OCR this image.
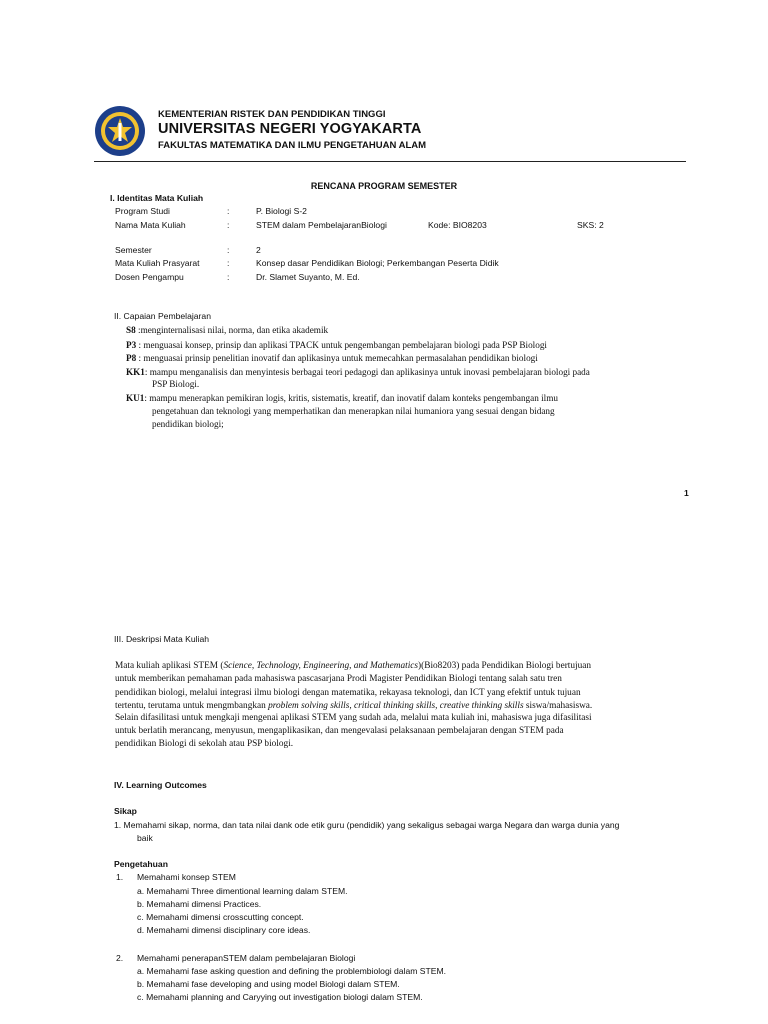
KEMENTERIAN RISTEK DAN PENDIDIKAN TINGGI
UNIVERSITAS NEGERI YOGYAKARTA
FAKULTAS MATEMATIKA DAN ILMU PENGETAHUAN ALAM
RENCANA PROGRAM SEMESTER
I. Identitas Mata Kuliah
Program Studi	:	P. Biologi S-2
Nama Mata Kuliah	:	STEM dalam PembelajaranBiologi	Kode: BIO8203	SKS: 2
Semester	:	2
Mata Kuliah Prasyarat	:	Konsep dasar Pendidikan Biologi; Perkembangan Peserta Didik
Dosen Pengampu	:	Dr. Slamet Suyanto, M. Ed.
II. Capaian Pembelajaran
S8 :menginternalisasi nilai, norma, dan etika akademik
P3 : menguasai konsep, prinsip dan aplikasi TPACK untuk pengembangan pembelajaran biologi pada PSP Biologi
P8 : menguasai prinsip penelitian inovatif dan aplikasinya untuk memecahkan permasalahan pendidikan biologi
KK1: mampu menganalisis dan menyintesis berbagai teori pedagogi dan aplikasinya untuk inovasi pembelajaran biologi pada
PSP Biologi.
KU1: mampu menerapkan pemikiran logis, kritis, sistematis, kreatif, dan inovatif dalam konteks pengembangan ilmu
pengetahuan dan teknologi yang memperhatikan dan menerapkan nilai humaniora yang sesuai dengan bidang
pendidikan biologi;
1
III. Deskripsi Mata Kuliah
Mata kuliah aplikasi STEM (Science, Technology, Engineering, and Mathematics)(Bio8203) pada Pendidikan Biologi bertujuan
untuk memberikan pemahaman pada mahasiswa pascasarjana Prodi Magister Pendidikan Biologi tentang salah satu tren
pendidikan biologi, melalui integrasi ilmu biologi dengan matematika, rekayasa teknologi, dan ICT yang efektif untuk tujuan
tertentu, terutama untuk mengmbangkan problem solving skills, critical thinking skills, creative thinking skills siswa/mahasiswa.
Selain difasilitasi untuk mengkaji mengenai aplikasi STEM yang sudah ada, melalui mata kuliah ini, mahasiswa juga difasilitasi
untuk berlatih merancang, menyusun, mengaplikasikan, dan mengevalasi pelaksanaan pembelajaran dengan STEM pada
pendidikan Biologi di sekolah atau PSP biologi.
IV. Learning Outcomes
Sikap
1. Memahami sikap, norma, dan tata nilai dank ode etik guru (pendidik) yang sekaligus sebagai warga Negara dan warga dunia yang
baik
Pengetahuan
1. Memahami konsep STEM
a. Memahami Three dimentional learning dalam STEM.
b. Memahami dimensi Practices.
c. Memahami dimensi crosscutting concept.
d. Memahami dimensi disciplinary core ideas.
2. Memahami penerapanSTEM dalam pembelajaran Biologi
a. Memahami fase asking question and defining the problembiologi dalam STEM.
b. Memahami fase developing and using model Biologi dalam STEM.
c. Memahami planning and Caryying out investigation biologi dalam STEM.
